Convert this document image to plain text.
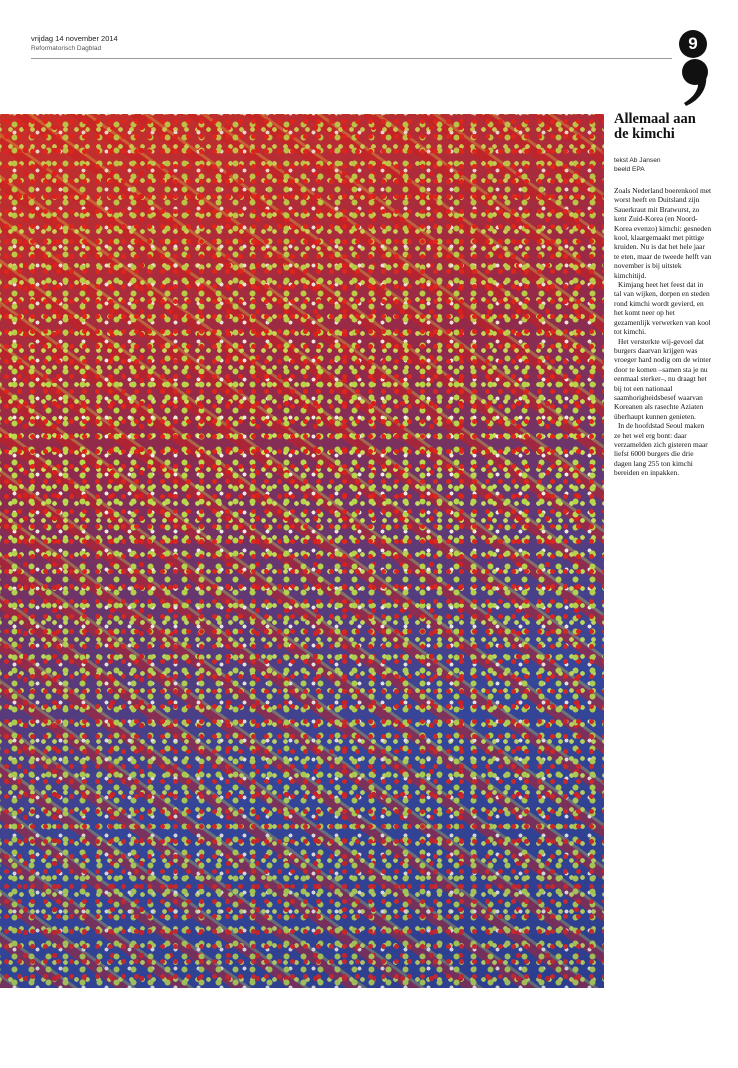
vrijdag 14 november 2014
Reformatorisch Dagblad	9
Allemaal aan de kimchi
tekst Ab Jansen
beeld EPA

Zoals Nederland boerenkool met worst heeft en Duitsland zijn Sauerkraut mit Bratwurst, zo kent Zuid-Korea (en Noord-Korea evenzo) kimchi: gesneden kool, klaargemaakt met pittige kruiden. Nu is dat het hele jaar te eten, maar de tweede helft van november is bij uitstek kimchitijd.

Kimjang heet het feest dat in tal van wijken, dorpen en steden rond kimchi wordt gevierd, en het komt neer op het gezamenlijk verwerken van kool tot kimchi.

Het versterkte wij-gevoel dat burgers daarvan krijgen was vroeger hard nodig om de winter door te komen –samen sta je nu eenmaal sterker–, nu draagt het bij tot een nationaal saamhorigheidsbesef waarvan Koreanen als rasechte Aziaten überhaupt kunnen genieten.

In de hoofdstad Seoul maken ze het wel erg bont: daar verzamelden zich gisteren maar liefst 6000 burgers die drie dagen lang 255 ton kimchi bereiden en inpakken.
